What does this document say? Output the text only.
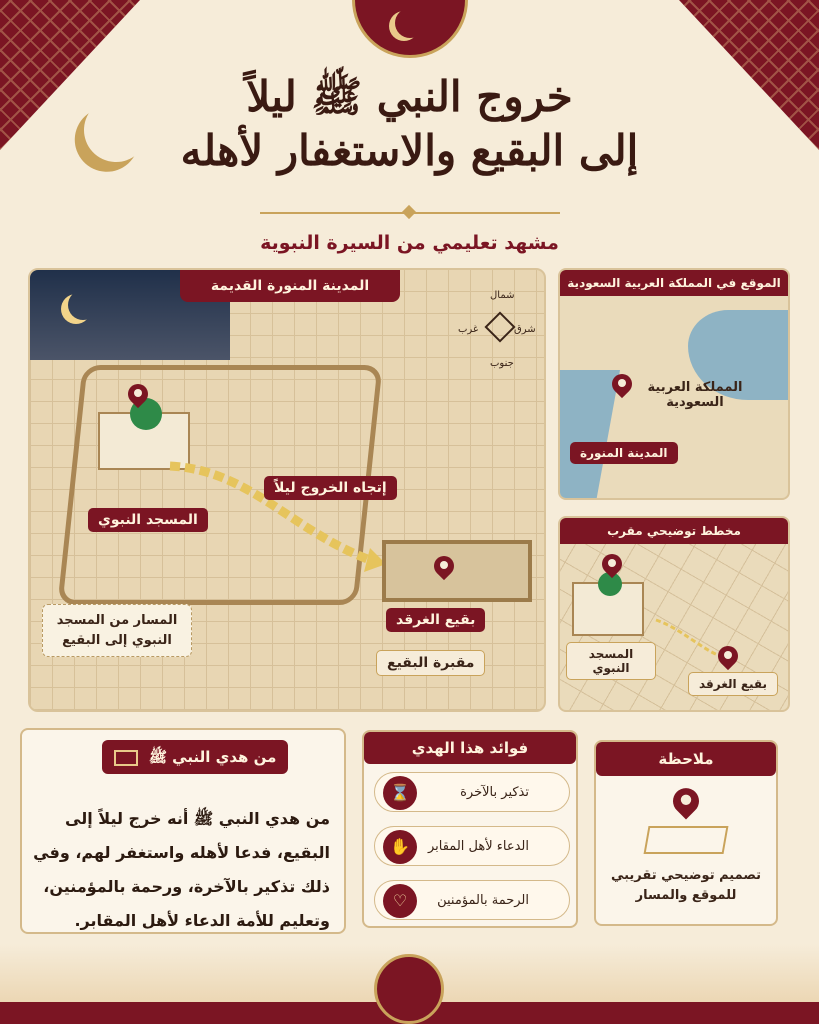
خروج النبي ﷺ ليلاً
إلى البقيع والاستغفار لأهله
مشهد تعليمي من السيرة النبوية
المدينة المنورة القديمة
شمال
جنوب
شرق
غرب
المسجد النبوي
إتجاه الخروج ليلاً
بقيع الغرقد
مقبرة البقيع
المسار من المسجد النبوي إلى البقيع
الموقع في المملكة العربية السعودية
المملكة العربية السعودية
المدينة المنورة
مخطط توضيحي مقرب
المسجد النبوي
بقيع الغرقد
من هدي النبي ﷺ
من هدي النبي ﷺ أنه خرج ليلاً إلى البقيع، فدعا لأهله واستغفر لهم، وفي ذلك تذكير بالآخرة، ورحمة بالمؤمنين، وتعليم للأمة الدعاء لأهل المقابر.
فوائد هذا الهدي
تذكير بالآخرة
⌛
الدعاء لأهل المقابر
✋
الرحمة بالمؤمنين
♡
ملاحظة
تصميم توضيحي تقريبي للموقع والمسار
